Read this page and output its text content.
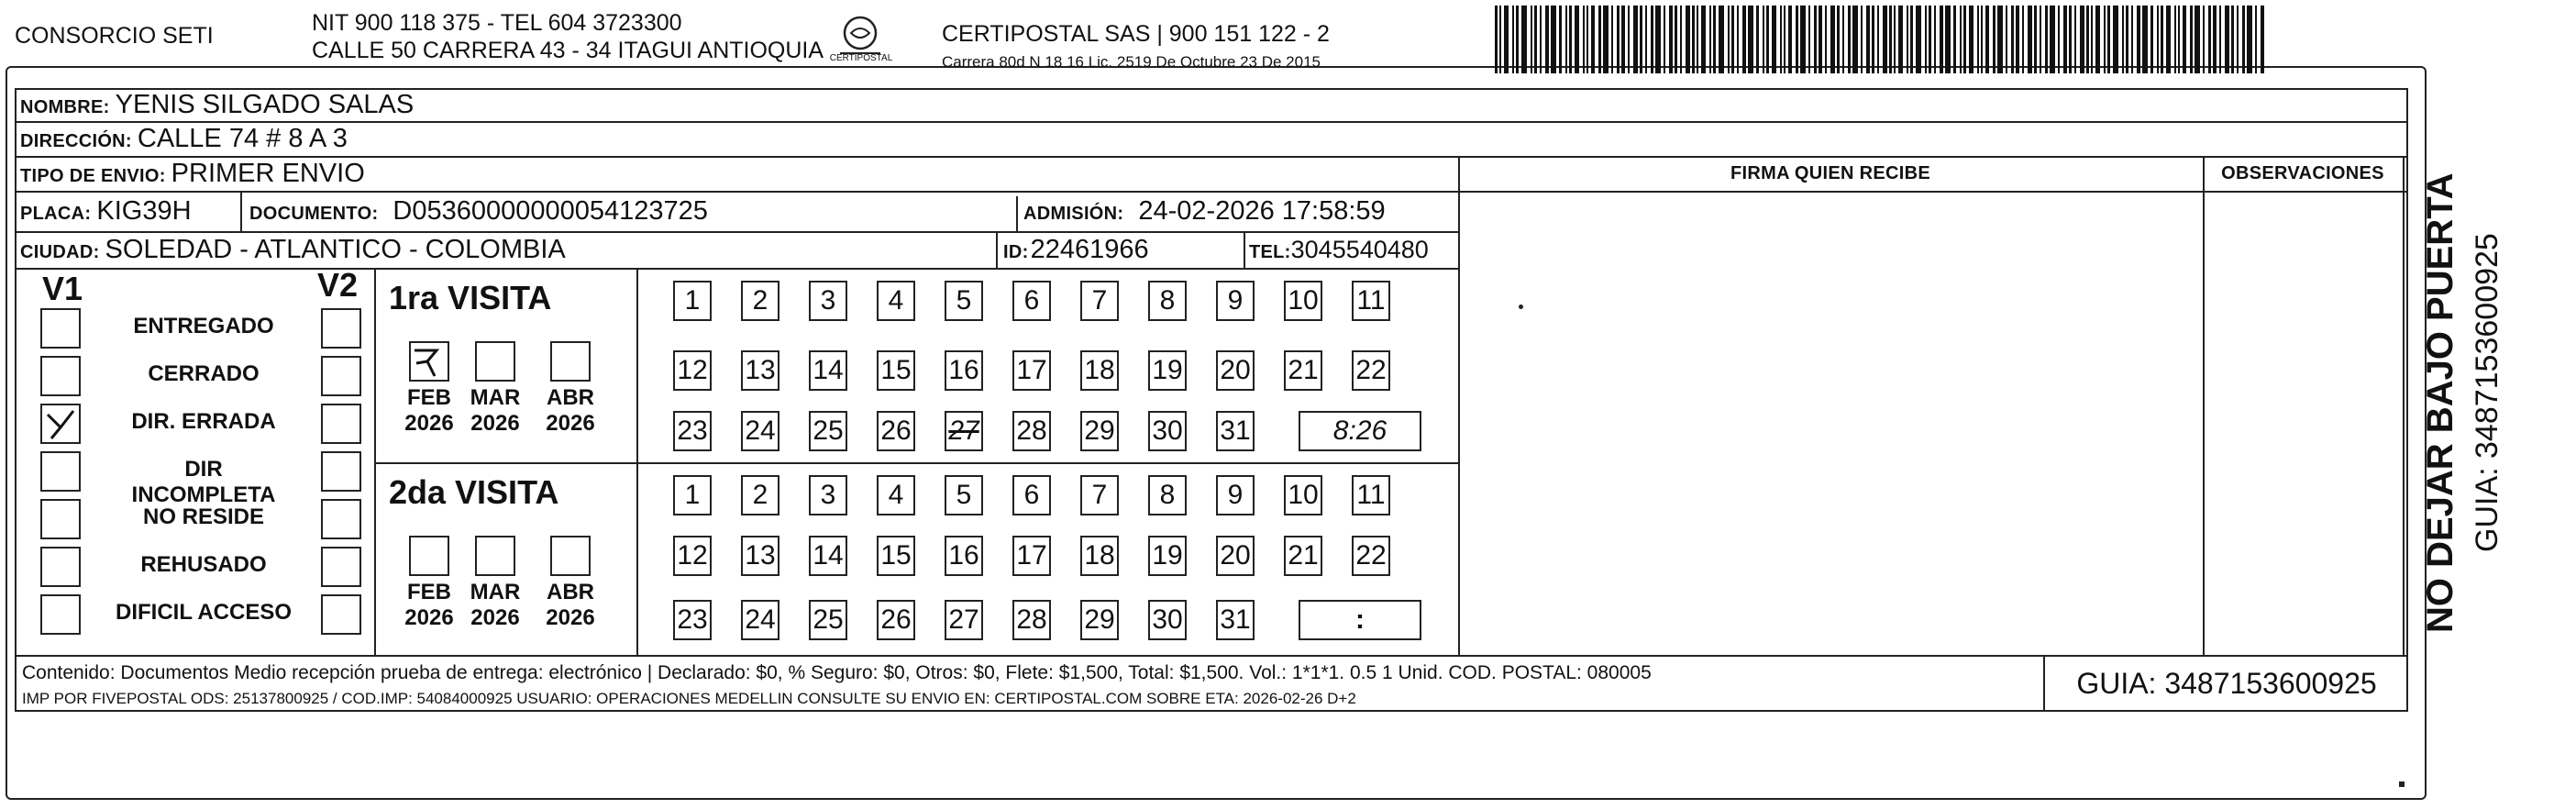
CONSORCIO SETI	NIT 900 118 375 - TEL 604 3723300
CALLE 50 CARRERA 43 - 34 ITAGUI ANTIOQUIA CERTIPOSTAL
CERTIPOSTAL SAS | 900 151 122 - 2
Carrera 80d N 18 16 Lic. 2519 De Octubre 23 De 2015
NOMBRE: YENIS SILGADO SALAS
DIRECCIÓN: CALLE 74 # 8 A 3
TIPO DE ENVIO: PRIMER ENVIO	FIRMA QUIEN RECIBE	OBSERVACIONES
PLACA: KIG39H	DOCUMENTO: D05360000000054123725	ADMISIÓN: 24-02-2026 17:58:59
CIUDAD: SOLEDAD - ATLANTICO - COLOMBIA	ID:22461966	TEL:3045540480
V1	V2
ENTREGADO
CERRADO
DIR. ERRADA
DIR INCOMPLETA
NO RESIDE
REHUSADO
DIFICIL ACCESO
1ra VISITA
2da VISITA
FEB
2026
MAR
2026
ABR
2026
FEB
2026
MAR
2026
ABR
2026
1	2	3	4	5	6	7	8	9	10 11
12 13 14 15 16 17 18 19 20 21 22
23 24 25 26 27 28 29 30 31	8:26
1	2	3	4	5	6	7	8	9	10 11
12 13 14 15 16 17 18 19 20 21 22
23 24 25 26 27 28 29 30 31	:
Contenido: Documentos Medio recepción prueba de entrega: electrónico | Declarado: $0, % Seguro: $0, Otros: $0, Flete: $1,500, Total: $1,500. Vol.: 1*1*1. 0.5 1 Unid. COD. POSTAL: 080005
IMP POR FIVEPOSTAL ODS: 25137800925 / COD.IMP: 54084000925 USUARIO: OPERACIONES MEDELLIN CONSULTE SU ENVIO EN: CERTIPOSTAL.COM SOBRE ETA: 2026-02-26 D+2	GUIA: 3487153600925
NO DEJAR BAJO PUERTA GUIA: 3487153600925
